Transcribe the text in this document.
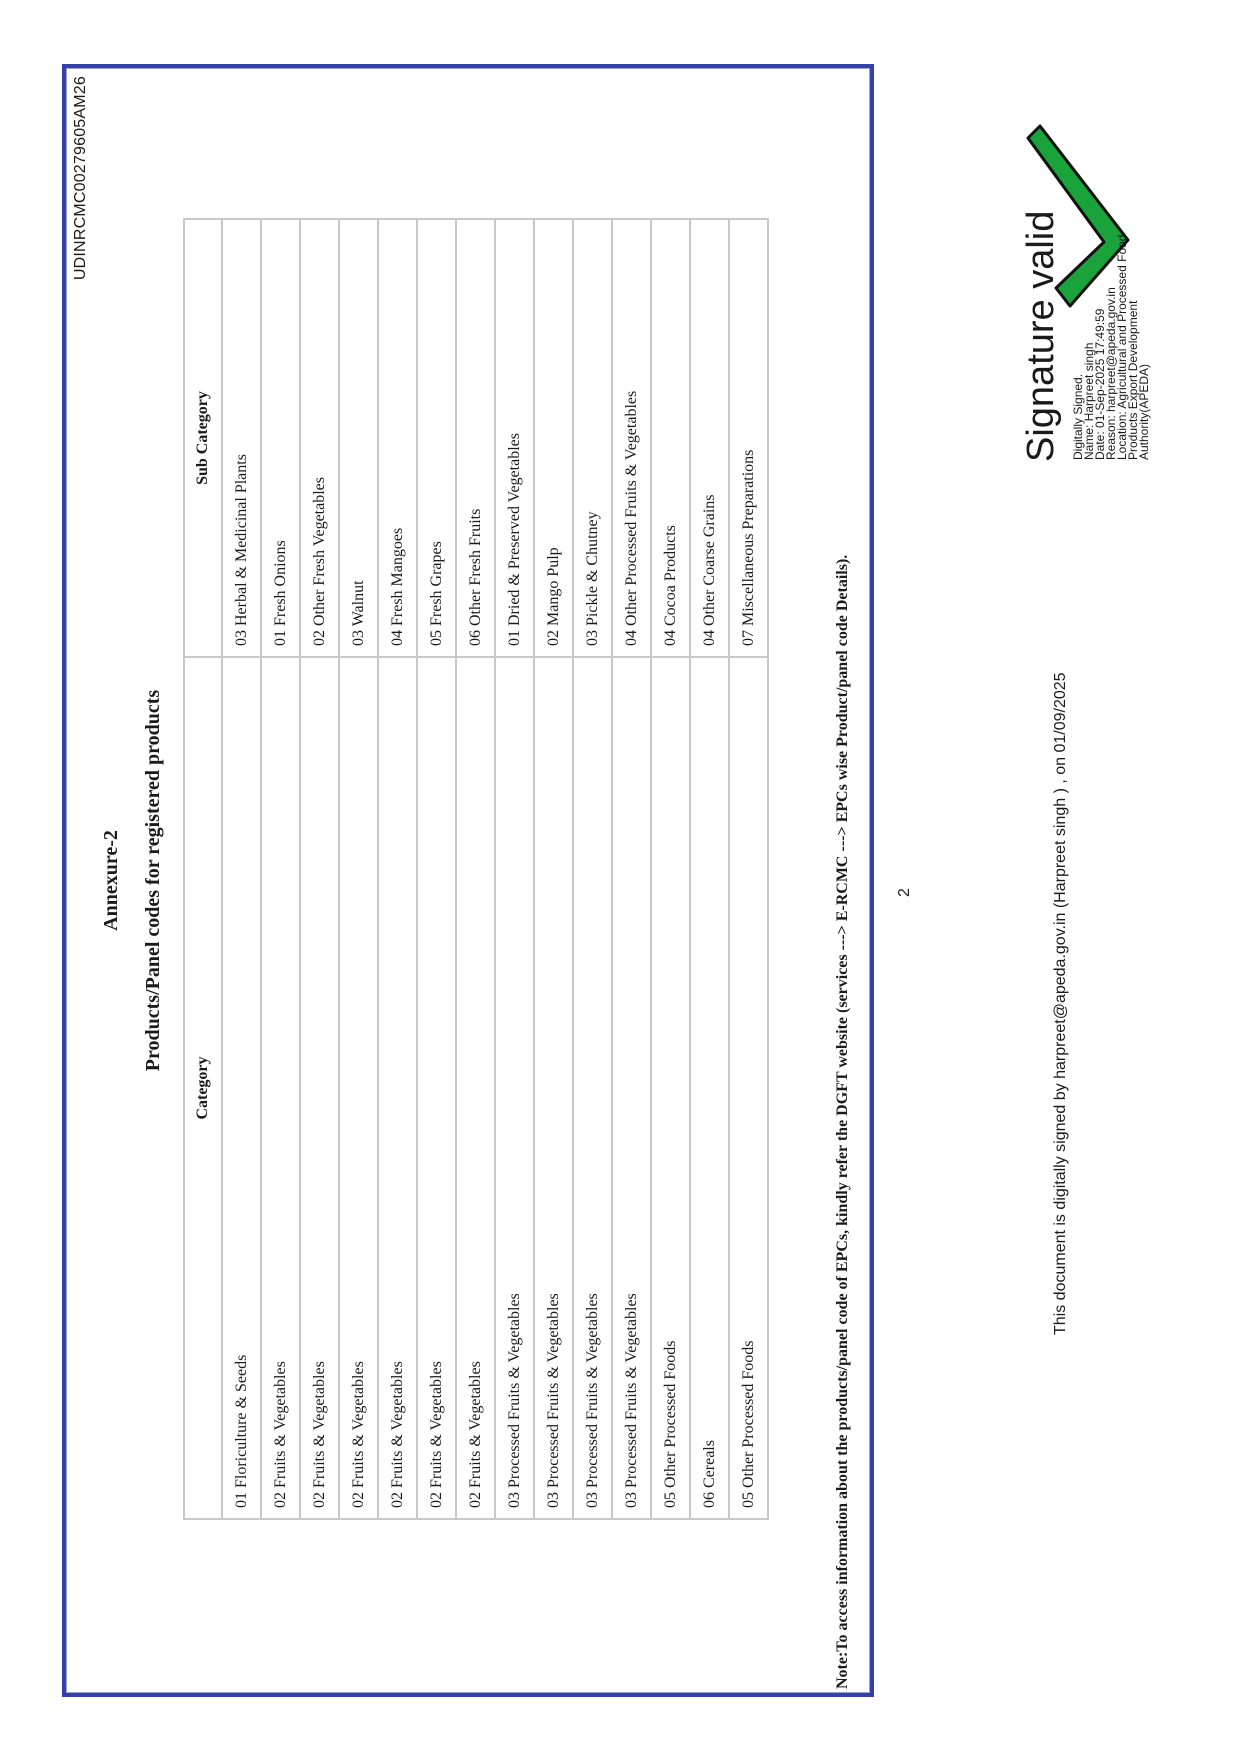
UDINRCMC00279605AM26
Annexure-2 Products/Panel codes for registered products
Category	Sub Category
01 Floriculture & Seeds	03 Herbal & Medicinal Plants
02 Fruits & Vegetables	01 Fresh Onions
02 Fruits & Vegetables	02 Other Fresh Vegetables
02 Fruits & Vegetables	03 Walnut
02 Fruits & Vegetables	04 Fresh Mangoes
02 Fruits & Vegetables	05 Fresh Grapes
02 Fruits & Vegetables	06 Other Fresh Fruits
03 Processed Fruits & Vegetables	01 Dried & Preserved Vegetables
03 Processed Fruits & Vegetables	02 Mango Pulp
03 Processed Fruits & Vegetables	03 Pickle & Chutney
03 Processed Fruits & Vegetables	04 Other Processed Fruits & Vegetables
05 Other Processed Foods	04 Cocoa Products
06 Cereals	04 Other Coarse Grains
05 Other Processed Foods	07 Miscellaneous Preparations
Note:To access information about the products/panel code of EPCs, kindly refer the DGFT website (services ---> E-RCMC ---> EPCs wise Product/panel code Details).	2	This document is digitally signed by harpreet@apeda.gov.in (Harpreet singh ) , on 01/09/2025
Signature valid Digitally Signed.
Name: Harpreet singh
Date: 01-Sep-2025 17:49:59
Reason: harpreet@apeda.gov.in
Location: Agricultural and Processed Food
Products Export Development
Authority(APEDA)
